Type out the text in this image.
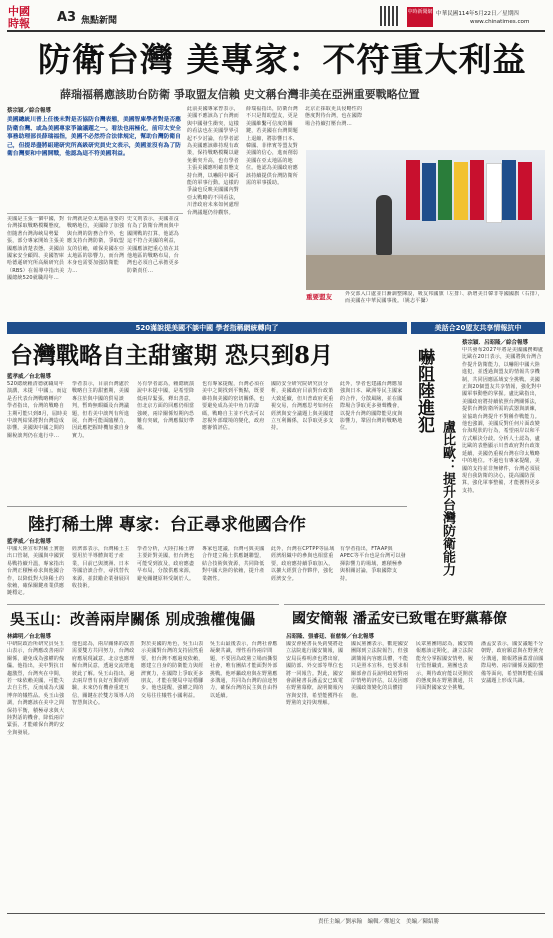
中國時報	A3 焦點新聞
中時新聞網 中華民國114年5月22日／星期四
www.chinatimes.com
防衛台灣 美專家：不符重大利益
薛瑞福稱應該助台防衛 爭取盟友信賴 史文稱台灣非美在亞洲重要戰略位置
蔡宗穎／綜合報導
美國總統川普上任後未對是否協防台灣表態，美國智庫學者對是否應防衛台灣、或為美國專家爭論議題之一。看法也兩極化，前印太安全事務助理部長薛瑞福指，美國不必然符合法律規定，幫助台灣防衛自己，但提昂盡將組建研究所高級研究員史文表示，美國並沒有為了防衛台灣要和中國開戰，他認為這不符美國利益。
美國是主張一個中國，對台灣採取戰略模糊態度，但隨著台灣海峽局勢緊張，部分專家開始主張美國應該清楚表態。美國前國家安全顧問、美國智庫哈德遜研究所高級研究員（RBS）在報導中指出美國總統520就職周年...
台灣就是亞太地區重要的戰略地位，美國除了加強與台灣的防務合作外，也應支持台灣防衛，爭取盟友的信賴，確保美國在亞太地區的影響力，而台灣本身也需要加強防衛能力...
史文則表示，美國並沒有為了防衛台灣而與中國開戰的打算，他認為這不符合美國的利益，美國應該把重心放在其他地區的戰略布局，台灣也必須自己承擔更多防衛責任...
此前美國專家曾表示，美國不應該為了台灣而與中國發生衝突，這樣的看法也在美國學界引起不少討論，有學者認為美國應該維持現有政策，保持戰略模糊以避免衝突升高，也有學者主張美國應明確表態支持台灣，以嚇阻中國可能的軍事行動。這樣的爭論也反映美國國內對亞太戰略的不同看法，川普政府未來如何處理台灣議題仍待觀察。
薛瑞福指出，防衛台灣不只是幫助盟友，更是美國維繫可信度的關鍵，若美國在台灣問題上退縮，將影響日本、韓國、菲律賓等盟友對美國的信心，進而削弱美國在亞太地區的地位。他認為美國政府應該持續提供台灣防衛所需的軍事援助。
北京正採取更具侵略性的態度對待台灣，也在國際場合持續打壓台灣...
重要盟友	外交部入口處並日漸調整陳設，吸友邦國旗（左排）、新增美日韓非等國國旗（右排），而美國在中華民國事後。（姚志平攝）
520滿說提美國不談中國 學者指稱網統轉向了
台灣戰略自主甜蜜期 恐只到8月
藍孝威／台北報導
520總統賴清德就職周年演講，未提「中國」。而這是否代表台灣戰略轉向？學者指出，台灣的戰略自主期可能只到8月，屆時美中談判結果將對台灣造成影響。美國與中國之間的關稅談判仍在進行中...
學者表示，目前台灣處於戰略自主的甜蜜期，美國專注於與中國的貿易談判，暫時無暇顧及台灣議題，但若美中談判有所進展，台灣可能面臨壓力，因此應把握時機加強自身實力。
另有學者認為，賴總統演說中未提中國，是希望降低兩岸緊張，釋出善意，但北京方面的回應仍相當強硬，兩岸關係短期內恐難有突破，台灣應做好準備。
也有專家提醒，台灣必須在美中之間找到平衡點，既要維持與美國的密切關係，也要避免成為美中角力的籌碼，戰略自主並不代表可以忽視外部環境的變化，政府應審慎評估。
國防安全研究院研究員分析，美國政府目前對台政策大致延續，但川普政府更重視交易，台灣應思考如何在經濟與安全議題上與美國建立互利關係，以爭取更多支持。
此外，學者也建議台灣應加強與日本、歐洲等民主國家的合作，分散風險，並在國際場合爭取更多發聲機會，以提升台灣的國際能見度與影響力，鞏固台灣的戰略地位。
陸打稀土牌 專家：台正尋求他國合作
藍孝威／台北報導
中國大陸宣布對稀土實施出口管制，美國與中國貿易戰持續升溫，專家指出台灣正積極尋求與他國合作，以降低對大陸稀土的依賴，確保關鍵產業供應鏈穩定。
經濟部表示，台灣稀土主要用於半導體與電子產業，目前已與澳洲、日本等國洽談合作，尋找替代來源，並鼓勵企業發展回收技術。
學者分析，大陸打稀土牌主要針對美國，但台灣也可能受到波及，政府應盡早布局，分散供應來源，避免關鍵原料受制於人。
專家也建議，台灣可與美國合作建立稀土供應鏈聯盟，結合技術與資源，共同降低對中國大陸的依賴，提升產業韌性。
此外，台灣在CPTPP等區域經濟組織中的參與也相當重要，政府應持續爭取加入，以擴大經貿合作夥伴，強化經濟安全。
有學者指出，FTAAP與APEC等平台也是台灣可以發揮影響力的場域，應積極參與相關討論，爭取國際支持。
吳玉山：改善兩岸關係 別成強權傀儡
林緯明／台北報導
中研院政治所研究員吳玉山表示，台灣應改善兩岸關係，避免成為強權的傀儡。他指出，美中對抗日趨激烈，台灣夾在中間，若一味依賴美國，可能失去自主性，反而成為大國博弈的犧牲品。吳玉山強調，台灣應該在美中之間保持平衡，積極尋求與大陸對話的機會，降低兩岸緊張，才能確保台灣的安全與發展。
他也認為，兩岸關係的改善需要雙方共同努力，台灣政府應展現誠意，北京也應理解台灣民意，透過交流增進彼此了解。吳玉山指出，過去兩岸曾有良好互動的經驗，未來仍有機會重建互信，關鍵在於雙方領導人的智慧與決心。
對於美國的角色，吳玉山表示美國對台灣的支持固然重要，但台灣不應過度依賴，應建立自身的防衛能力與經濟實力，在國際上爭取更多朋友，才能在變局中站穩腳步。他也提醒，強權之間的交易往往犧牲小國利益。
吳玉山最後表示，台灣社會應凝聚共識，理性看待兩岸問題，不要因為政黨立場而撕裂社會，唯有團結才能面對外部挑戰。他呼籲政府與在野黨應多溝通，共同為台灣的前途努力，確保台灣的民主與自由得以延續。
國安簡報 潘孟安已致電在野黨幕僚
呂昭隆、張睿廷、崔慈悌／台北報導
國安會秘書長吳釗燮將赴立法院進行國安簡報，國安局長蔡明彥也將出席，國防部、外交部等單位也將一同報告。對此，國安會副秘書長潘孟安已致電在野黨幕僚，說明簡報內容與安排，希望能獲得在野黨的支持與理解。
國民黨團表示，歡迎國安團隊到立法院報告，但強調簡報內容應具體，不能只是照本宣科，也要求相關部會首長說明政府對兩岸情勢的評估，以及因應美國政策變化的具體措施。
民眾黨團則認為，國安簡報應該定期化，讓立法院能充分掌握國安情勢，履行監督職責。黨團也表示，期待政府能以更開放的態度與在野黨溝通，共同面對國家安全挑戰。
潘孟安表示，國安議題不分朝野，政府願意與在野黨充分溝通，簡報將涵蓋當前國際局勢、兩岸關係及國防整備等面向，希望朝野能在國安議題上形成共識。
美話合20盟友共享情報抗中
嚇阻陸進犯
盧比歐：提升台灣防衛能力
蔡宗穎．呂昭隆／綜合報導
中共發布2027年將是美國國務卿盧比歐在20日表示，美國將與台灣合作提升防衛能力，以嚇阻中國大陸進犯，並透過與盟友的情報共享機制，共同因應區域安全挑戰。美國正與20個盟友共享情報，強化對中國軍事動態的掌握。盧比歐指出，美國政府將持續依照台灣關係法，提供台灣防衛所需的武器與訓練，並協助台灣提升不對稱作戰能力。他也強調，美國反對任何片面改變台海現狀的行為，希望兩岸以和平方式解決分歧。分析人士認為，盧比歐的表態顯示川普政府對台政策延續，美國仍重視台灣在印太戰略中的地位。不過也有專家提醒，美國的支持並非無條件，台灣必須展現自我防衛的決心，提高國防預算，強化軍事整備，才能獲得更多支持。
責任主編／劉承翰　編輯／鄭旭文　美編／陳紹勝
